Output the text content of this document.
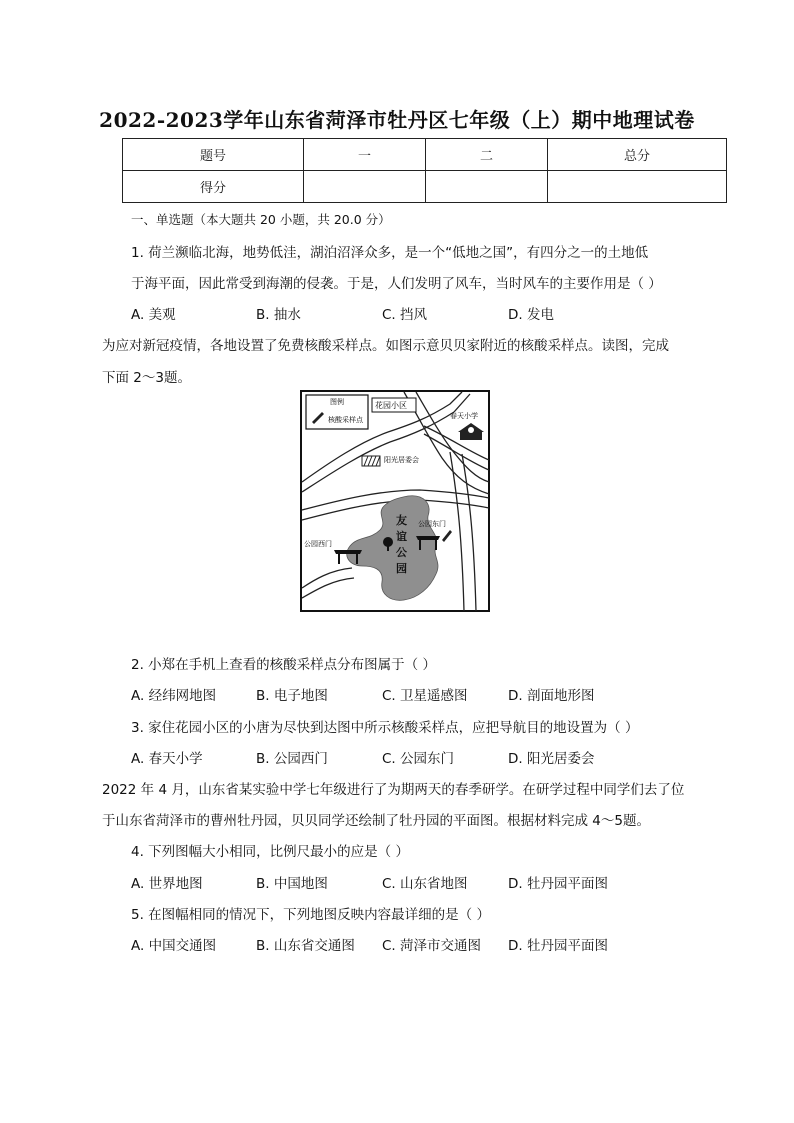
2022-2023学年山东省菏泽市牡丹区七年级（上）期中地理试卷
题号	一	二	总分
得分			
一、单选题（本大题共 20 小题，共 20.0 分）
1. 荷兰濒临北海，地势低洼，湖泊沼泽众多，是一个“低地之国”，有四分之一的土地低
于海平面，因此常受到海潮的侵袭。于是，人们发明了风车，当时风车的主要作用是（ ）
A. 美观	B. 抽水	C. 挡风	D. 发电
为应对新冠疫情，各地设置了免费核酸采样点。如图示意贝贝家附近的核酸采样点。读图，完成
下面 2～3题。
图例
核酸采样点
花园小区
春天小学
阳光居委会
友
谊
公
园
公园东门
公园西门
2. 小郑在手机上查看的核酸采样点分布图属于（ ）
A. 经纬网地图	B. 电子地图	C. 卫星遥感图	D. 剖面地形图
3. 家住花园小区的小唐为尽快到达图中所示核酸采样点，应把导航目的地设置为（ ）
A. 春天小学	B. 公园西门	C. 公园东门	D. 阳光居委会
2022 年 4 月，山东省某实验中学七年级进行了为期两天的春季研学。在研学过程中同学们去了位
于山东省菏泽市的曹州牡丹园，贝贝同学还绘制了牡丹园的平面图。根据材料完成 4～5题。
4. 下列图幅大小相同，比例尺最小的应是（ ）
A. 世界地图	B. 中国地图	C. 山东省地图	D. 牡丹园平面图
5. 在图幅相同的情况下，下列地图反映内容最详细的是（ ）
A. 中国交通图	B. 山东省交通图 C. 菏泽市交通图 D. 牡丹园平面图
